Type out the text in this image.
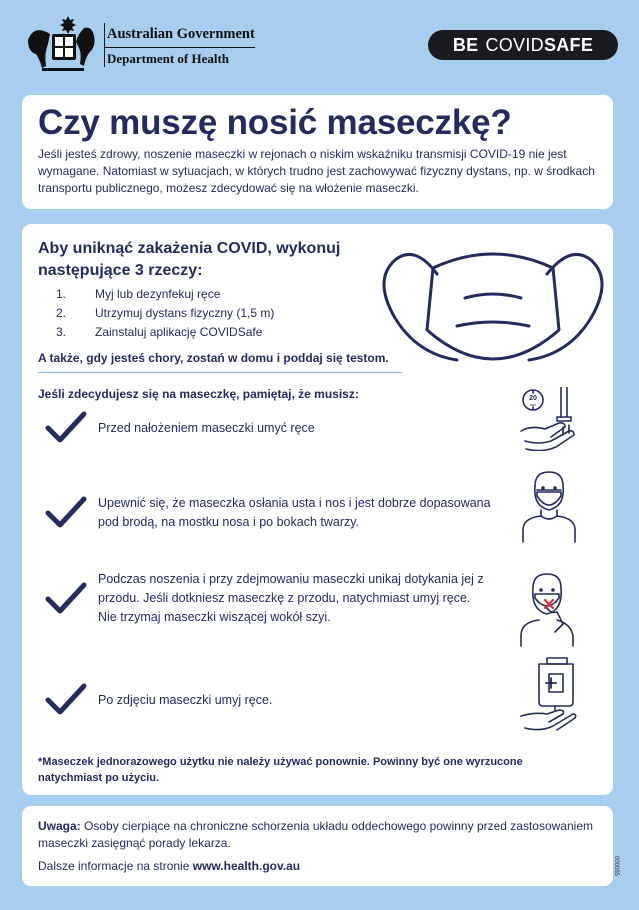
Australian Government
Department of Health
BE COVID SAFE
Czy muszę nosić maseczkę?
Jeśli jesteś zdrowy, noszenie maseczki w rejonach o niskim wskaźniku transmisji COVID-19 nie jest wymagane. Natomiast w sytuacjach, w których trudno jest zachowywać fizyczny dystans, np. w środkach transportu publicznego, możesz zdecydować się na włożenie maseczki.
Aby uniknąć zakażenia COVID, wykonuj następujące 3 rzeczy:
1.	Myj lub dezynfekuj ręce
2.	Utrzymuj dystans fizyczny (1,5 m)
3.	Zainstaluj aplikację COVIDSafe
A także, gdy jesteś chory, zostań w domu i poddaj się testom.
Jeśli zdecydujesz się na maseczkę, pamiętaj, że musisz:
Przed nałożeniem maseczki umyć ręce
20
sec
Upewnić się, że maseczka osłania usta i nos i jest dobrze dopasowana pod brodą, na mostku nosa i po bokach twarzy.
Podczas noszenia i przy zdejmowaniu maseczki unikaj dotykania jej z przodu. Jeśli dotkniesz maseczkę z przodu, natychmiast umyj ręce. Nie trzymaj maseczki wiszącej wokół szyi.
Po zdjęciu maseczki umyj ręce.
*Maseczek jednorazowego użytku nie należy używać ponownie. Powinny być one wyrzucone natychmiast po użyciu.
Uwaga: Osoby cierpiące na chroniczne schorzenia układu oddechowego powinny przed zastosowaniem maseczki zasięgnąć porady lekarza.
Dalsze informacje na stronie www.health.gov.au	000085
